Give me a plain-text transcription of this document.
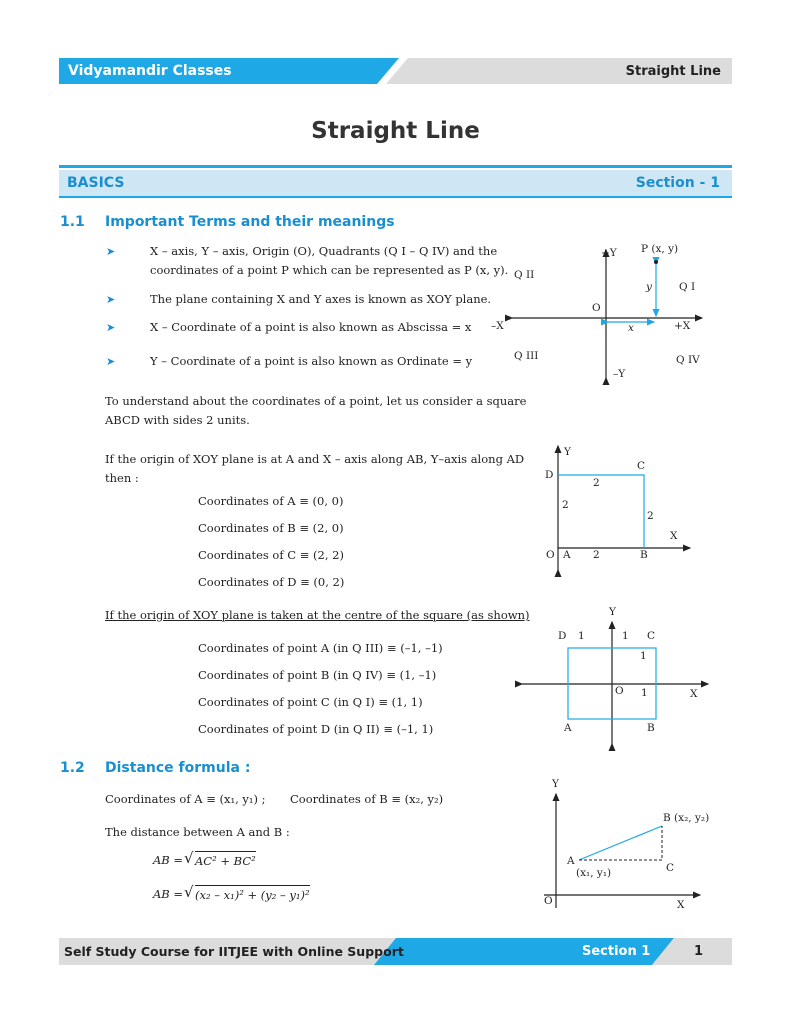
Vidyamandir Classes	Straight Line
Straight Line
BASICS	Section - 1
1.1 Important Terms and their meanings
➤	X – axis, Y – axis, Origin (O), Quadrants (Q I – Q IV) and the
coordinates of a point P which can be represented as P (x, y).
➤	The plane containing X and Y axes is known as XOY plane.
➤	X – Coordinate of a point is also known as Abscissa = x
➤	Y – Coordinate of a point is also known as Ordinate = y
To understand about the coordinates of a point, let us consider a square
ABCD with sides 2 units.
If the origin of XOY plane is at A and X – axis along AB, Y–axis along AD
then :
Coordinates of A ≡ (0, 0)
Coordinates of B ≡ (2, 0)
Coordinates of C ≡ (2, 2)
Coordinates of D ≡ (0, 2)
If the origin of XOY plane is taken at the centre of the square (as shown)
Coordinates of point A (in Q III) ≡ (–1, –1)
Coordinates of point B (in Q IV) ≡ (1, –1)
Coordinates of point C (in Q I) ≡ (1, 1)
Coordinates of point D (in Q II) ≡ (–1, 1)
+Y P (x, y)
Q II
y	Q I
O
–X	x	+X
Q III	Q IV
–Y
Y
C
D
2
2
2
X
O A 2	B
Y
D 1	1 C
1
O 1	X
A	B
1.2 Distance formula :
Coordinates of A ≡ (x₁, y₁) ; Coordinates of B ≡ (x₂, y₂)
The distance between A and B :
AB = √ AC² + BC²
AB = √ (x₂ – x₁)² + (y₂ – y₁)²
Y
B (x₂, y₂)
A
C
(x₁, y₁)
O	X
Self Study Course for IITJEE with Online Support	Section 1	1
